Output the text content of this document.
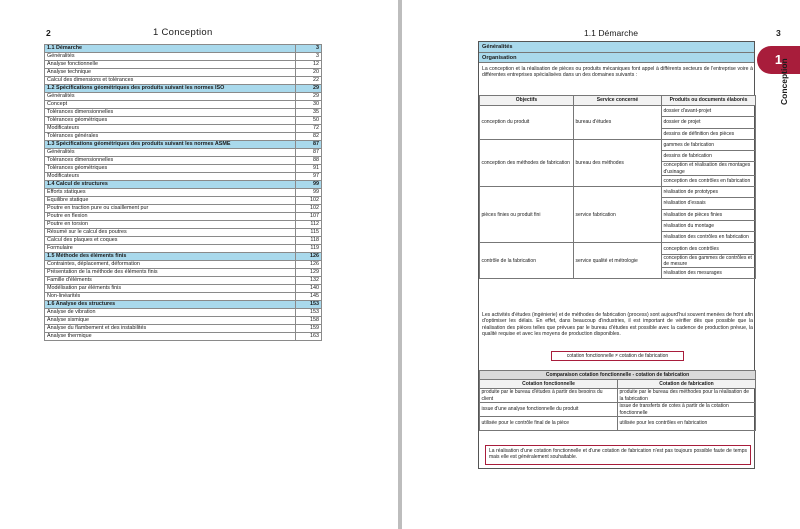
2	1 Conception
1.1 Démarche	3
Généralités	3
Analyse fonctionnelle	12
Analyse technique	20
Calcul des dimensions et tolérances	22
1.2 Spécifications géométriques des produits suivant les normes ISO	29
Généralités	29
Concept	30
Tolérances dimensionnelles	35
Tolérances géométriques	50
Modificateurs	72
Tolérances générales	82
1.3 Spécifications géométriques des produits suivant les normes ASME	87
Généralités	87
Tolérances dimensionnelles	88
Tolérances géométriques	91
Modificateurs	97
1.4 Calcul de structures	99
Efforts statiques	99
Équilibre statique	102
Poutre en traction pure ou cisaillement pur	102
Poutre en flexion	107
Poutre en torsion	112
Résumé sur le calcul des poutres	115
Calcul des plaques et coques	118
Formulaire	119
1.5 Méthode des éléments finis	126
Contraintes, déplacement, déformation	126
Présentation de la méthode des éléments finis	129
Famille d'éléments	132
Modélisation par éléments finis	140
Non-linéarités	145
1.6 Analyse des structures	153
Analyse de vibration	153
Analyse sismique	158
Analyse du flambement et des instabilités	159
Analyse thermique	163
1.1 Démarche	3
1
Conception
Généralités
Organisation
La conception et la réalisation de pièces ou produits mécaniques font appel à différents secteurs de l'entreprise voire à différentes entreprises spécialisées dans un des domaines suivants :
Objectifs	Service concerné	Produits ou documents élaborés
conception du produit	bureau d'études	dossier d'avant-projet
		dossier de projet
		dessins de définition des pièces
conception des méthodes de fabrication	bureau des méthodes	gammes de fabrication
		dessins de fabrication
		conception et réalisation des montages d'usinage
		conception des contrôles en fabrication
pièces finies ou produit fini	service fabrication	réalisation de prototypes
		réalisation d'essais
		réalisation de pièces finies
		réalisation du montage
		réalisation des contrôles en fabrication
contrôle de la fabrication	service qualité et métrologie	conception des contrôles
		conception des gammes de contrôles et de mesure
		réalisation des mesurages
Les activités d'études (ingénierie) et de méthodes de fabrication (process) sont aujourd'hui souvent menées de front afin d'optimiser les délais. En effet, dans beaucoup d'industries, il est important de vérifier dès que possible que la réalisation des pièces telles que prévues par le bureau d'études est possible avec la cadence de production prévue, la qualité requise et avec les moyens de production disponibles.
cotation fonctionnelle ≠ cotation de fabrication
Comparaison cotation fonctionnelle - cotation de fabrication	
Cotation fonctionnelle	Cotation de fabrication
produite par le bureau d'études à partir des besoins du client	produite par le bureau des méthodes pour la réalisation de la fabrication
issue d'une analyse fonctionnelle du produit	issue de transferts de cotes à partir de la cotation fonctionnelle
utilisée pour le contrôle final de la pièce	utilisée pour les contrôles en fabrication
La réalisation d'une cotation fonctionnelle et d'une cotation de fabrication n'est pas toujours possible faute de temps mais elle est généralement souhaitable.
